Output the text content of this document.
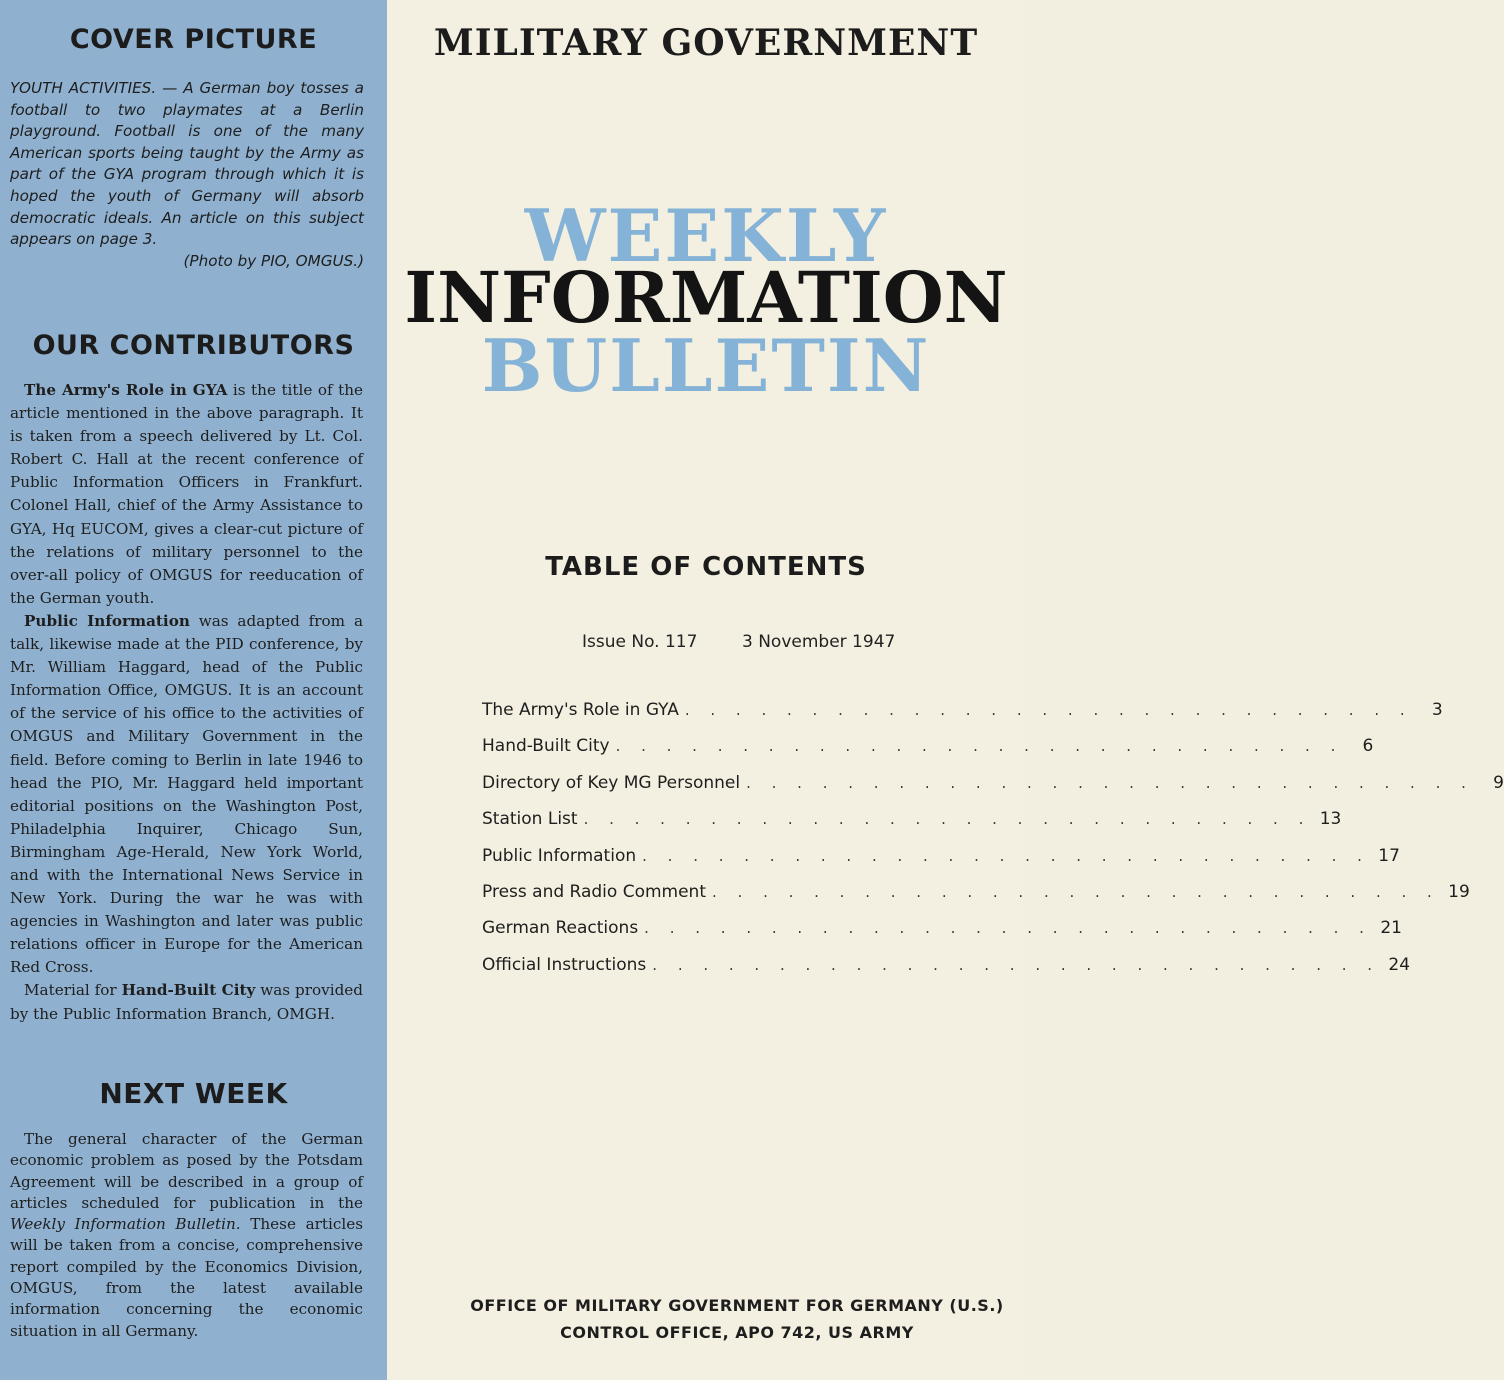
COVER PICTURE
YOUTH ACTIVITIES. — A German boy tosses a football to two playmates at a Berlin playground. Football is one of the many American sports being taught by the Army as part of the GYA program through which it is hoped the youth of Germany will absorb democratic ideals. An article on this subject appears on page 3.
(Photo by PIO, OMGUS.)
OUR CONTRIBUTORS

The Army's Role in GYA is the title of the article mentioned in the above paragraph. It is taken from a speech delivered by Lt. Col. Robert C. Hall at the recent conference of Public Information Officers in Frankfurt. Colonel Hall, chief of the Army Assistance to GYA, Hq EUCOM, gives a clear-cut picture of the relations of military personnel to the over-all policy of OMGUS for reeducation of the German youth.

Public Information was adapted from a talk, likewise made at the PID conference, by Mr. William Haggard, head of the Public Information Office, OMGUS. It is an account of the service of his office to the activities of OMGUS and Military Government in the field. Before coming to Berlin in late 1946 to head the PIO, Mr. Haggard held important editorial positions on the Washington Post, Philadelphia Inquirer, Chicago Sun, Birmingham Age-Herald, New York World, and with the International News Service in New York. During the war he was with agencies in Washington and later was public relations officer in Europe for the American Red Cross.

Material for Hand-Built City was provided by the Public Information Branch, OMGH.

NEXT WEEK

The general character of the German economic problem as posed by the Potsdam Agreement will be described in a group of articles scheduled for publication in the Weekly Information Bulletin. These articles will be taken from a concise, comprehensive report compiled by the Economics Division, OMGUS, from the latest available information concerning the economic situation in all Germany.

MILITARY GOVERNMENT
WEEKLY
INFORMATION
BULLETIN
TABLE OF CONTENTS
Issue No. 117	3 November 1947
The Army's Role in GYA . . . . . . . . . . . . . . . . . . . . . . . . . . . . .	3
Hand-Built City . . . . . . . . . . . . . . . . . . . . . . . . . . . . .	6
Directory of Key MG Personnel . . . . . . . . . . . . . . . . . . . . . . . . . . . . .	9
Station List . . . . . . . . . . . . . . . . . . . . . . . . . . . . . 13
Public Information . . . . . . . . . . . . . . . . . . . . . . . . . . . . . 17
Press and Radio Comment . . . . . . . . . . . . . . . . . . . . . . . . . . . . . 19
German Reactions . . . . . . . . . . . . . . . . . . . . . . . . . . . . . 21
Official Instructions . . . . . . . . . . . . . . . . . . . . . . . . . . . . . 24
OFFICE OF MILITARY GOVERNMENT FOR GERMANY (U.S.)
CONTROL OFFICE, APO 742, US ARMY
